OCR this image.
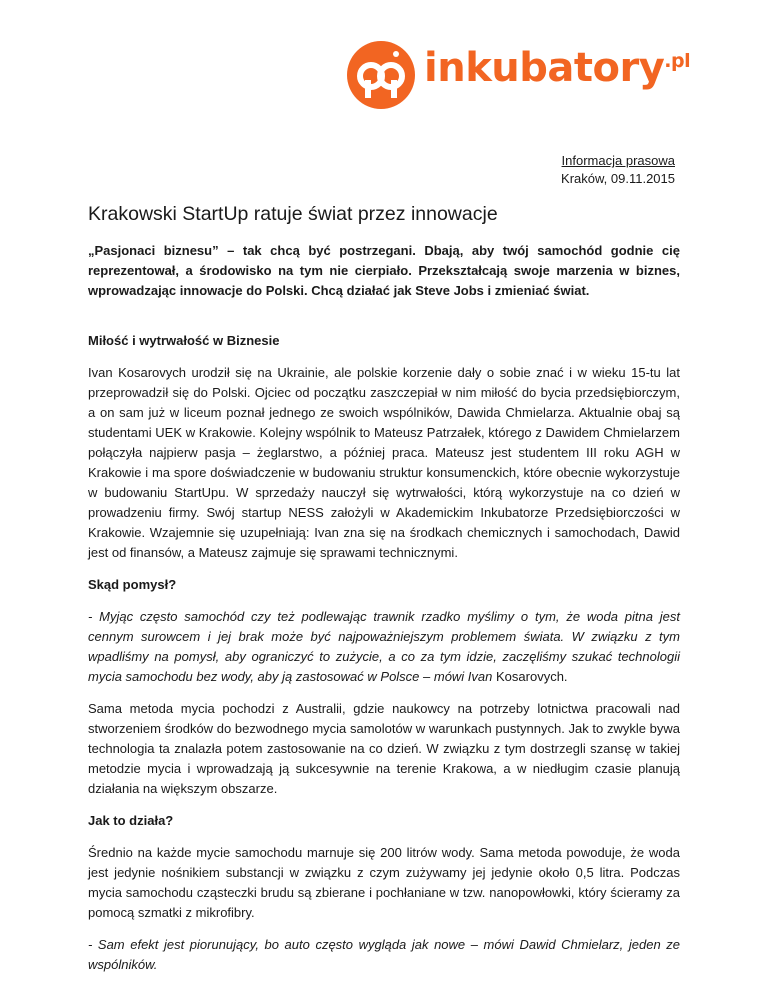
inkubatory$^{.pl}$
Informacja prasowa
Kraków, 09.11.2015
Krakowski StartUp ratuje świat przez innowacje

„Pasjonaci biznesu” – tak chcą być postrzegani. Dbają, aby twój samochód godnie cię reprezentował, a środowisko na tym nie cierpiało. Przekształcają swoje marzenia w biznes, wprowadzając innowacje do Polski. Chcą działać jak Steve Jobs i zmieniać świat.

Miłość i wytrwałość w Biznesie

Ivan Kosarovych urodził się na Ukrainie, ale polskie korzenie dały o sobie znać i w wieku 15-tu lat przeprowadził się do Polski. Ojciec od początku zaszczepiał w nim miłość do bycia przedsiębiorczym, a on sam już w liceum poznał jednego ze swoich wspólników, Dawida Chmielarza. Aktualnie obaj są studentami UEK w Krakowie. Kolejny wspólnik to Mateusz Patrzałek, którego z Dawidem Chmielarzem połączyła najpierw pasja – żeglarstwo, a później praca. Mateusz jest studentem III roku AGH w Krakowie i ma spore doświadczenie w budowaniu struktur konsumenckich, które obecnie wykorzystuje w budowaniu StartUpu. W sprzedaży nauczył się wytrwałości, którą wykorzystuje na co dzień w prowadzeniu firmy. Swój startup NESS założyli w Akademickim Inkubatorze Przedsiębiorczości w Krakowie. Wzajemnie się uzupełniają: Ivan zna się na środkach chemicznych i samochodach, Dawid jest od finansów, a Mateusz zajmuje się sprawami technicznymi.

Skąd pomysł?

- Myjąc często samochód czy też podlewając trawnik rzadko myślimy o tym, że woda pitna jest cennym surowcem i jej brak może być najpoważniejszym problemem świata. W związku z tym wpadliśmy na pomysł, aby ograniczyć to zużycie, a co za tym idzie, zaczęliśmy szukać technologii mycia samochodu bez wody, aby ją zastosować w Polsce – mówi Ivan Kosarovych.

Sama metoda mycia pochodzi z Australii, gdzie naukowcy na potrzeby lotnictwa pracowali nad stworzeniem środków do bezwodnego mycia samolotów w warunkach pustynnych. Jak to zwykle bywa technologia ta znalazła potem zastosowanie na co dzień. W związku z tym dostrzegli szansę w takiej metodzie mycia i wprowadzają ją sukcesywnie na terenie Krakowa, a w niedługim czasie planują działania na większym obszarze.

Jak to działa?

Średnio na każde mycie samochodu marnuje się 200 litrów wody. Sama metoda powoduje, że woda jest jedynie nośnikiem substancji w związku z czym zużywamy jej jedynie około 0,5 litra. Podczas mycia samochodu cząsteczki brudu są zbierane i pochłaniane w tzw. nanopowłowki, który ścieramy za pomocą szmatki z mikrofibry.

- Sam efekt jest piorunujący, bo auto często wygląda jak nowe – mówi Dawid Chmielarz, jeden ze wspólników.
